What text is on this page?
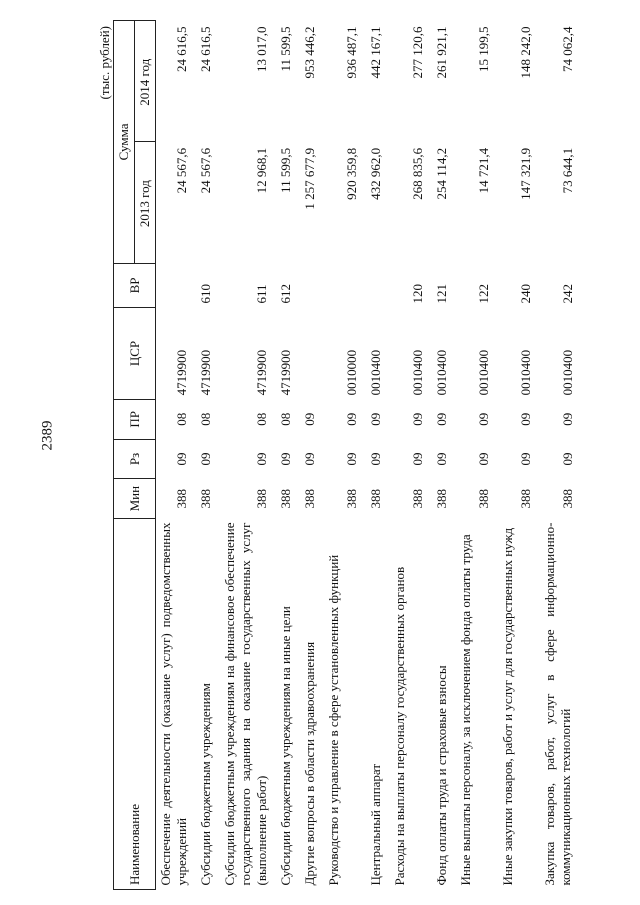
2389
(тыс. рублей)
Наименование	Мин	Рз	ПР	ЦСР	ВР	Сумма	
						2013 год	2014 год
Обеспечение деятельности (оказание услуг) подведомственных учреждений	388	09	08	4719900		24 567,6	24 616,5
Субсидии бюджетным учреждениям	388	09	08	4719900	610	24 567,6	24 616,5
Субсидии бюджетным учреждениям на финансовое обеспечение государственного задания на оказание государственных услуг (выполнение работ)	388	09	08	4719900	611	12 968,1	13 017,0
Субсидии бюджетным учреждениям на иные цели	388	09	08	4719900	612	11 599,5	11 599,5
Другие вопросы в области здравоохранения	388	09	09			1 257 677,9	953 446,2
Руководство и управление в сфере установленных функций	388	09	09	0010000		920 359,8	936 487,1
Центральный аппарат	388	09	09	0010400		432 962,0	442 167,1
Расходы на выплаты персоналу государственных органов	388	09	09	0010400	120	268 835,6	277 120,6
Фонд оплаты труда и страховые взносы	388	09	09	0010400	121	254 114,2	261 921,1
Иные выплаты персоналу, за исключением фонда оплаты труда	388	09	09	0010400	122	14 721,4	15 199,5
Иные закупки товаров, работ и услуг для государственных нужд	388	09	09	0010400	240	147 321,9	148 242,0
Закупка товаров, работ, услуг в сфере информационно-коммуникационных технологий	388	09	09	0010400	242	73 644,1	74 062,4
